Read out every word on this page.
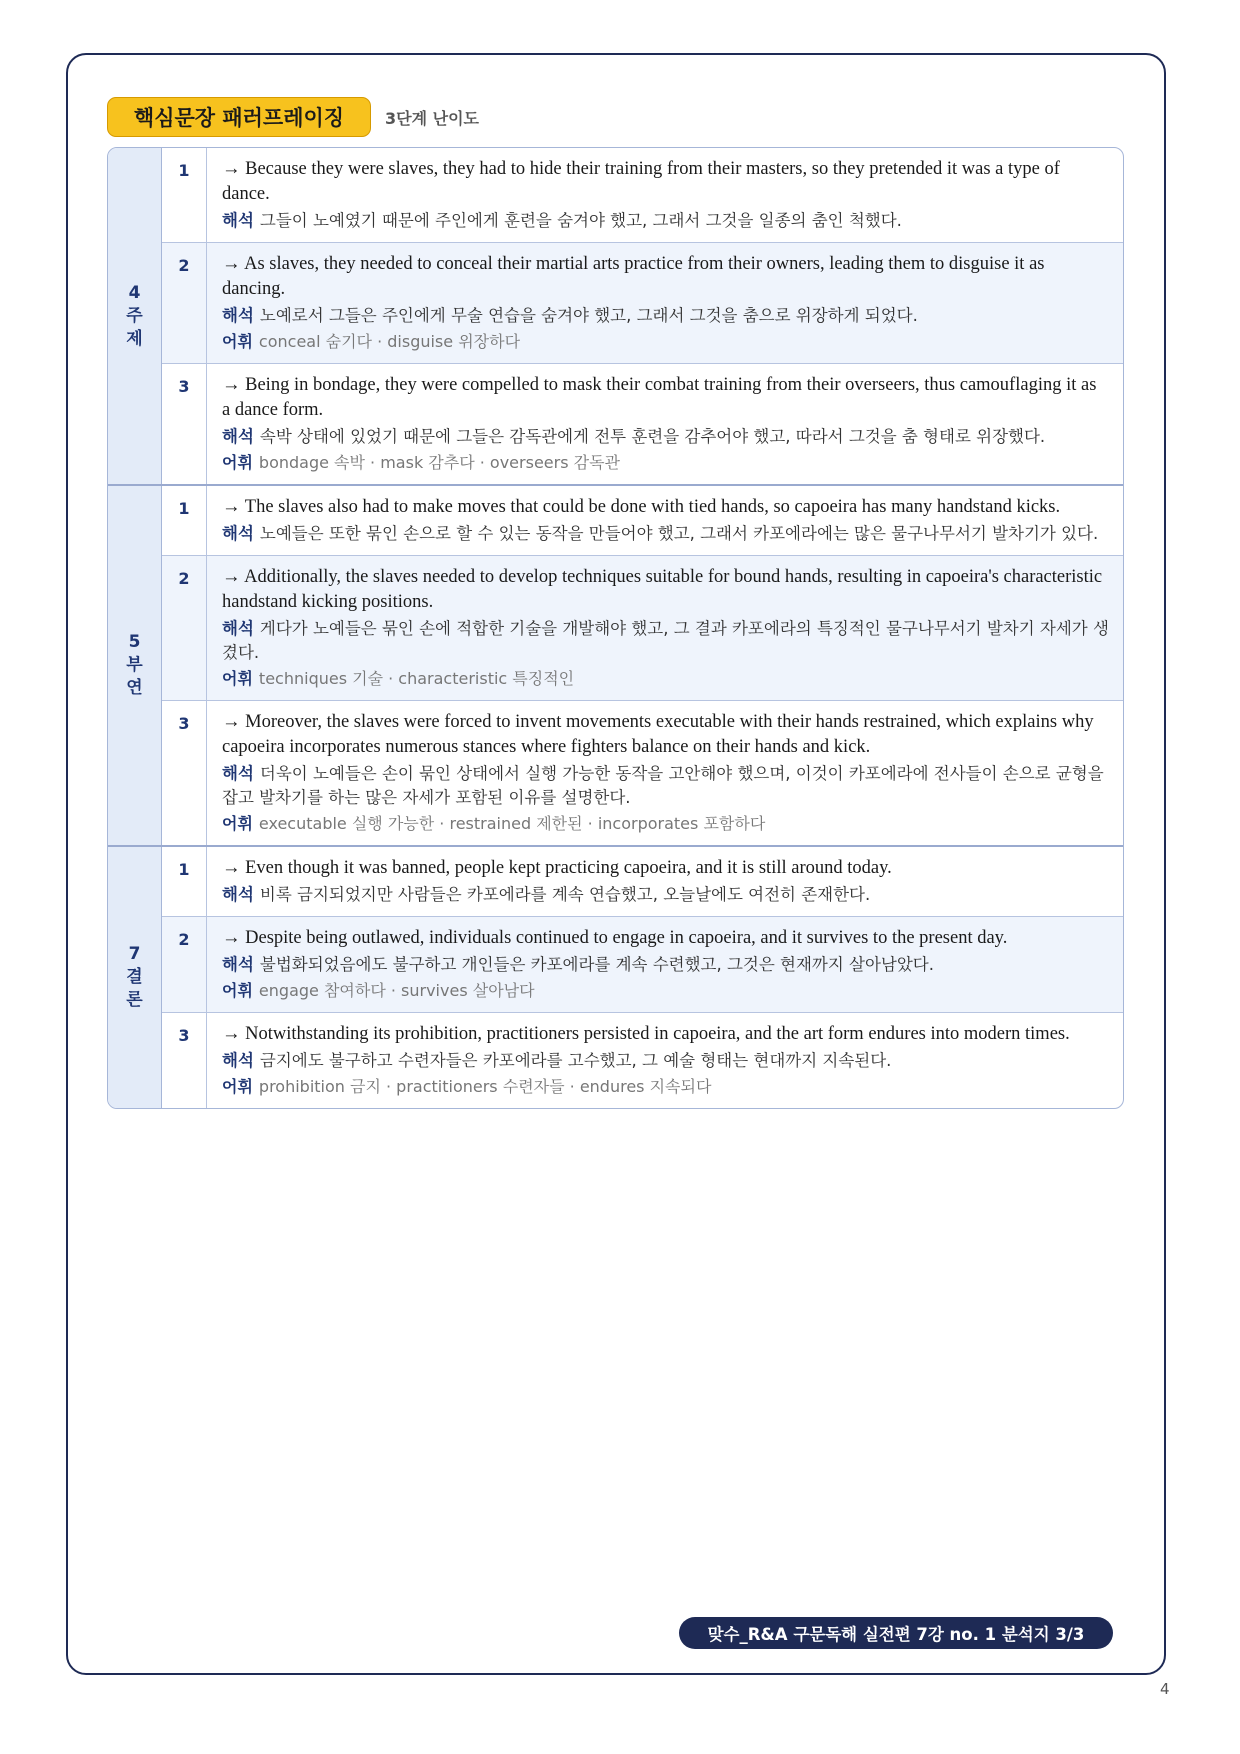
핵심문장 패러프레이징	3단계 난이도
4
주
제
1	→ Because they were slaves, they had to hide their training from their masters, so they pretended it was a type of dance.
해석 그들이 노예였기 때문에 주인에게 훈련을 숨겨야 했고, 그래서 그것을 일종의 춤인 척했다.
2	→ As slaves, they needed to conceal their martial arts practice from their owners, leading them to disguise it as dancing.
해석 노예로서 그들은 주인에게 무술 연습을 숨겨야 했고, 그래서 그것을 춤으로 위장하게 되었다.
어휘 conceal 숨기다 · disguise 위장하다
3	→ Being in bondage, they were compelled to mask their combat training from their overseers, thus camouflaging it as a dance form.
해석 속박 상태에 있었기 때문에 그들은 감독관에게 전투 훈련을 감추어야 했고, 따라서 그것을 춤 형태로 위장했다.
어휘 bondage 속박 · mask 감추다 · overseers 감독관
5
부
연
1	→ The slaves also had to make moves that could be done with tied hands, so capoeira has many handstand kicks.
해석 노예들은 또한 묶인 손으로 할 수 있는 동작을 만들어야 했고, 그래서 카포에라에는 많은 물구나무서기 발차기가 있다.
2	→ Additionally, the slaves needed to develop techniques suitable for bound hands, resulting in capoeira's characteristic handstand kicking positions.
해석 게다가 노예들은 묶인 손에 적합한 기술을 개발해야 했고, 그 결과 카포에라의 특징적인 물구나무서기 발차기 자세가 생겼다.
어휘 techniques 기술 · characteristic 특징적인
3	→ Moreover, the slaves were forced to invent movements executable with their hands restrained, which explains why capoeira incorporates numerous stances where fighters balance on their hands and kick.
해석 더욱이 노예들은 손이 묶인 상태에서 실행 가능한 동작을 고안해야 했으며, 이것이 카포에라에 전사들이 손으로 균형을 잡고 발차기를 하는 많은 자세가 포함된 이유를 설명한다.
어휘 executable 실행 가능한 · restrained 제한된 · incorporates 포함하다
7
결
론
1	→ Even though it was banned, people kept practicing capoeira, and it is still around today.
해석 비록 금지되었지만 사람들은 카포에라를 계속 연습했고, 오늘날에도 여전히 존재한다.
2	→ Despite being outlawed, individuals continued to engage in capoeira, and it survives to the present day.
해석 불법화되었음에도 불구하고 개인들은 카포에라를 계속 수련했고, 그것은 현재까지 살아남았다.
어휘 engage 참여하다 · survives 살아남다
3	→ Notwithstanding its prohibition, practitioners persisted in capoeira, and the art form endures into modern times.
해석 금지에도 불구하고 수련자들은 카포에라를 고수했고, 그 예술 형태는 현대까지 지속된다.
어휘 prohibition 금지 · practitioners 수련자들 · endures 지속되다
맞수_R&A 구문독해 실전편 7강 no. 1 분석지 3/3
4
